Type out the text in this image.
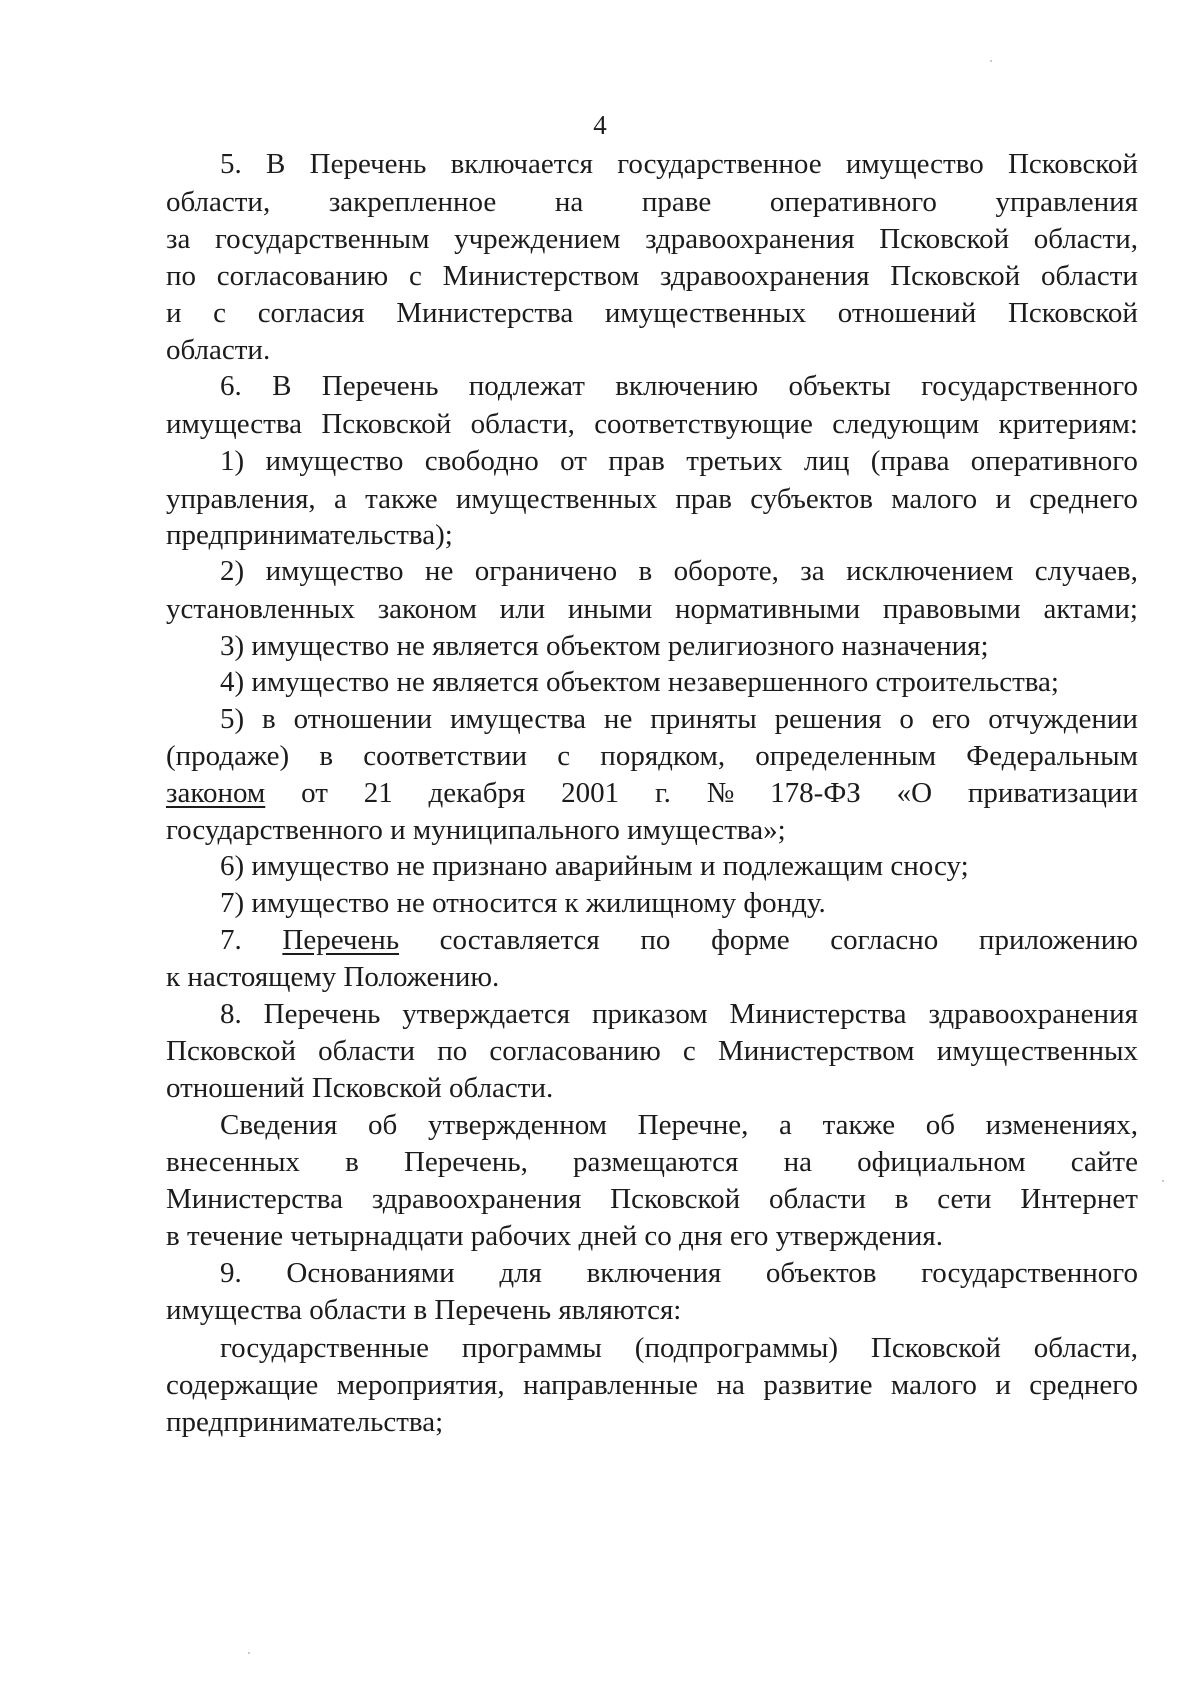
4
5. В Перечень включается государственное имущество Псковской
области, закрепленное на праве оперативного управления
за государственным учреждением здравоохранения Псковской области,
по согласованию с Министерством здравоохранения Псковской области
и с согласия Министерства имущественных отношений Псковской
области.
6. В Перечень подлежат включению объекты государственного
имущества Псковской области, соответствующие следующим критериям:
1) имущество свободно от прав третьих лиц (права оперативного
управления, а также имущественных прав субъектов малого и среднего
предпринимательства);
2) имущество не ограничено в обороте, за исключением случаев,
установленных законом или иными нормативными правовыми актами;
3) имущество не является объектом религиозного назначения;
4) имущество не является объектом незавершенного строительства;
5) в отношении имущества не приняты решения о его отчуждении
(продаже) в соответствии с порядком, определенным Федеральным
законом от 21 декабря 2001 г. № 178-ФЗ «О приватизации
государственного и муниципального имущества»;
6) имущество не признано аварийным и подлежащим сносу;
7) имущество не относится к жилищному фонду.
7. Перечень составляется по форме согласно приложению
к настоящему Положению.
8. Перечень утверждается приказом Министерства здравоохранения
Псковской области по согласованию с Министерством имущественных
отношений Псковской области.
Сведения об утвержденном Перечне, а также об изменениях,
внесенных в Перечень, размещаются на официальном сайте
Министерства здравоохранения Псковской области в сети Интернет
в течение четырнадцати рабочих дней со дня его утверждения.
9. Основаниями для включения объектов государственного
имущества области в Перечень являются:
государственные программы (подпрограммы) Псковской области,
содержащие мероприятия, направленные на развитие малого и среднего
предпринимательства;
